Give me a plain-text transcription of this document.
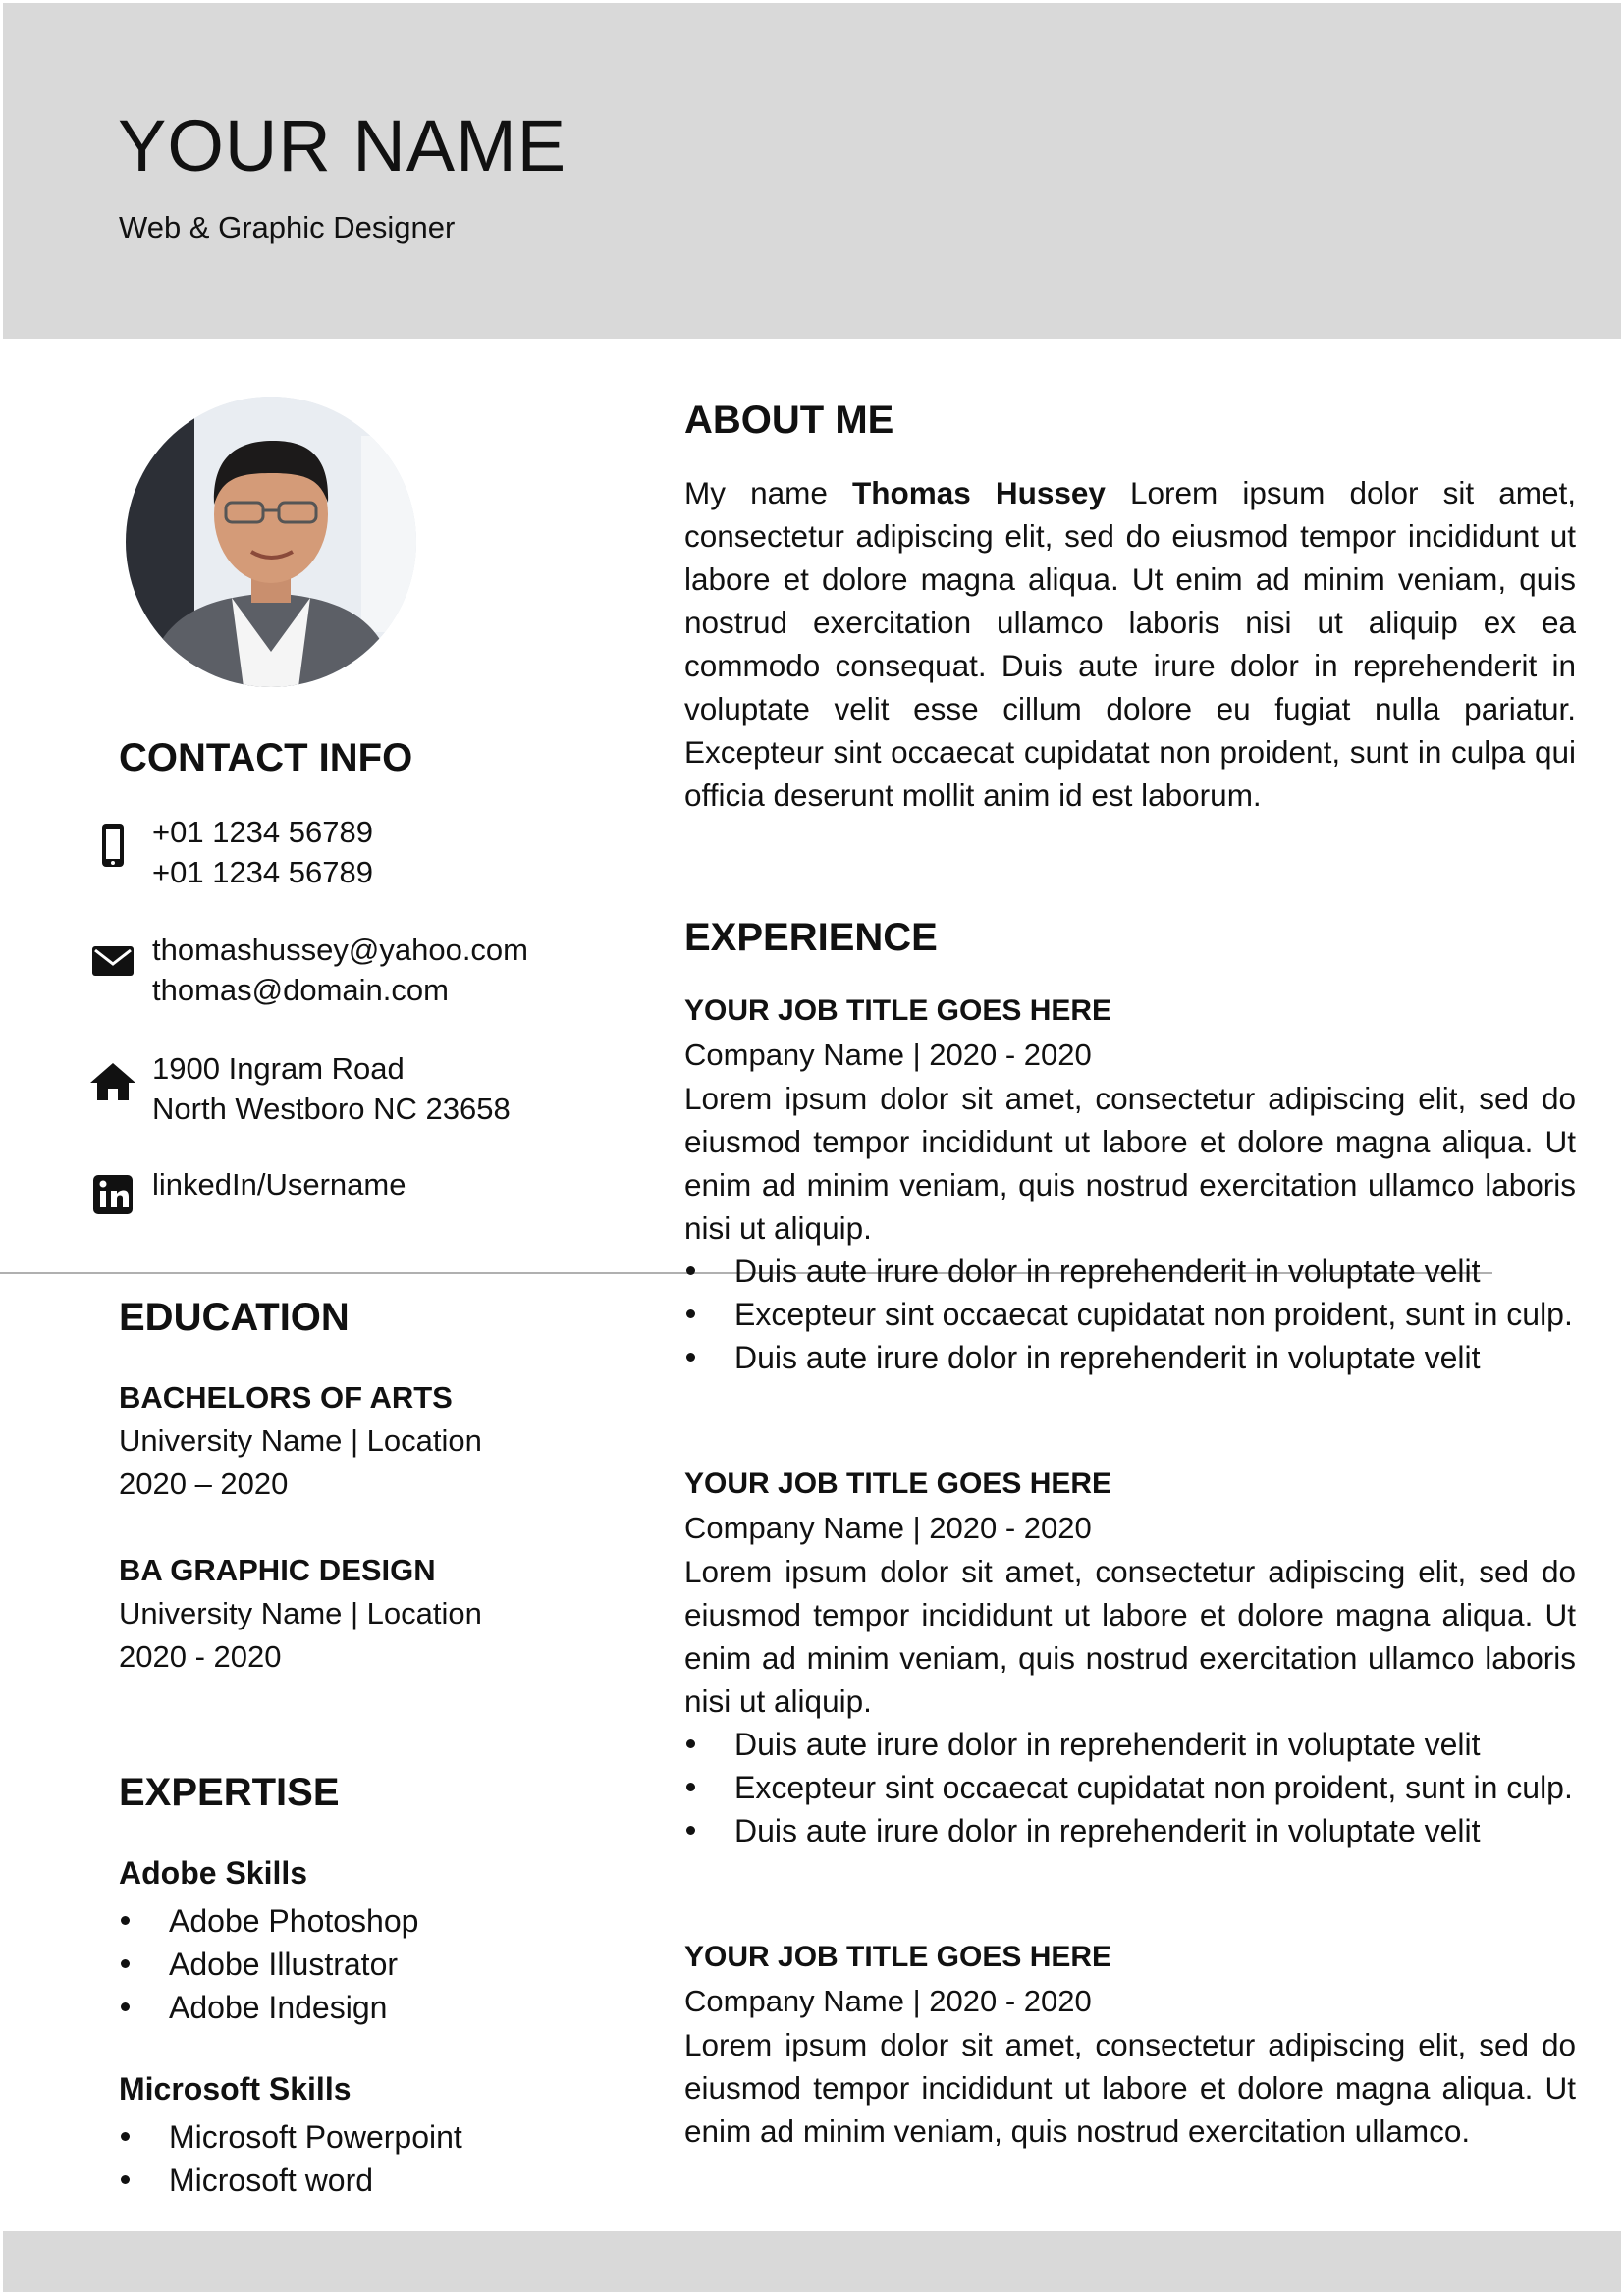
YOUR NAME
Web & Graphic Designer
CONTACT INFO
+01 1234 56789
+01 1234 56789
thomashussey@yahoo.com
thomas@domain.com
1900 Ingram Road
North Westboro NC 23658
linkedIn/Username
EDUCATION
BACHELORS OF ARTS
University Name | Location
2020 – 2020
BA GRAPHIC DESIGN
University Name | Location
2020 - 2020
EXPERTISE
Adobe Skills
Adobe Photoshop
Adobe Illustrator
Adobe Indesign
Microsoft Skills
Microsoft Powerpoint
Microsoft word
ABOUT ME

My name Thomas Hussey Lorem ipsum dolor sit amet, consectetur adipiscing elit, sed do eiusmod tempor incididunt ut labore et dolore magna aliqua. Ut enim ad minim veniam, quis nostrud exercitation ullamco laboris nisi ut aliquip ex ea commodo consequat. Duis aute irure dolor in reprehenderit in voluptate velit esse cillum dolore eu fugiat nulla pariatur. Excepteur sint occaecat cupidatat non proident, sunt in culpa qui officia deserunt mollit anim id est laborum.

EXPERIENCE
YOUR JOB TITLE GOES HERE
Company Name | 2020 - 2020

Lorem ipsum dolor sit amet, consectetur adipiscing elit, sed do eiusmod tempor incididunt ut labore et dolore magna aliqua. Ut enim ad minim veniam, quis nostrud exercitation ullamco laboris nisi ut aliquip.

Duis aute irure dolor in reprehenderit in voluptate velit
Excepteur sint occaecat cupidatat non proident, sunt in culp.
Duis aute irure dolor in reprehenderit in voluptate velit
YOUR JOB TITLE GOES HERE
Company Name | 2020 - 2020

Lorem ipsum dolor sit amet, consectetur adipiscing elit, sed do eiusmod tempor incididunt ut labore et dolore magna aliqua. Ut enim ad minim veniam, quis nostrud exercitation ullamco laboris nisi ut aliquip.

Duis aute irure dolor in reprehenderit in voluptate velit
Excepteur sint occaecat cupidatat non proident, sunt in culp.
Duis aute irure dolor in reprehenderit in voluptate velit
YOUR JOB TITLE GOES HERE
Company Name | 2020 - 2020

Lorem ipsum dolor sit amet, consectetur adipiscing elit, sed do eiusmod tempor incididunt ut labore et dolore magna aliqua. Ut enim ad minim veniam, quis nostrud exercitation ullamco.
